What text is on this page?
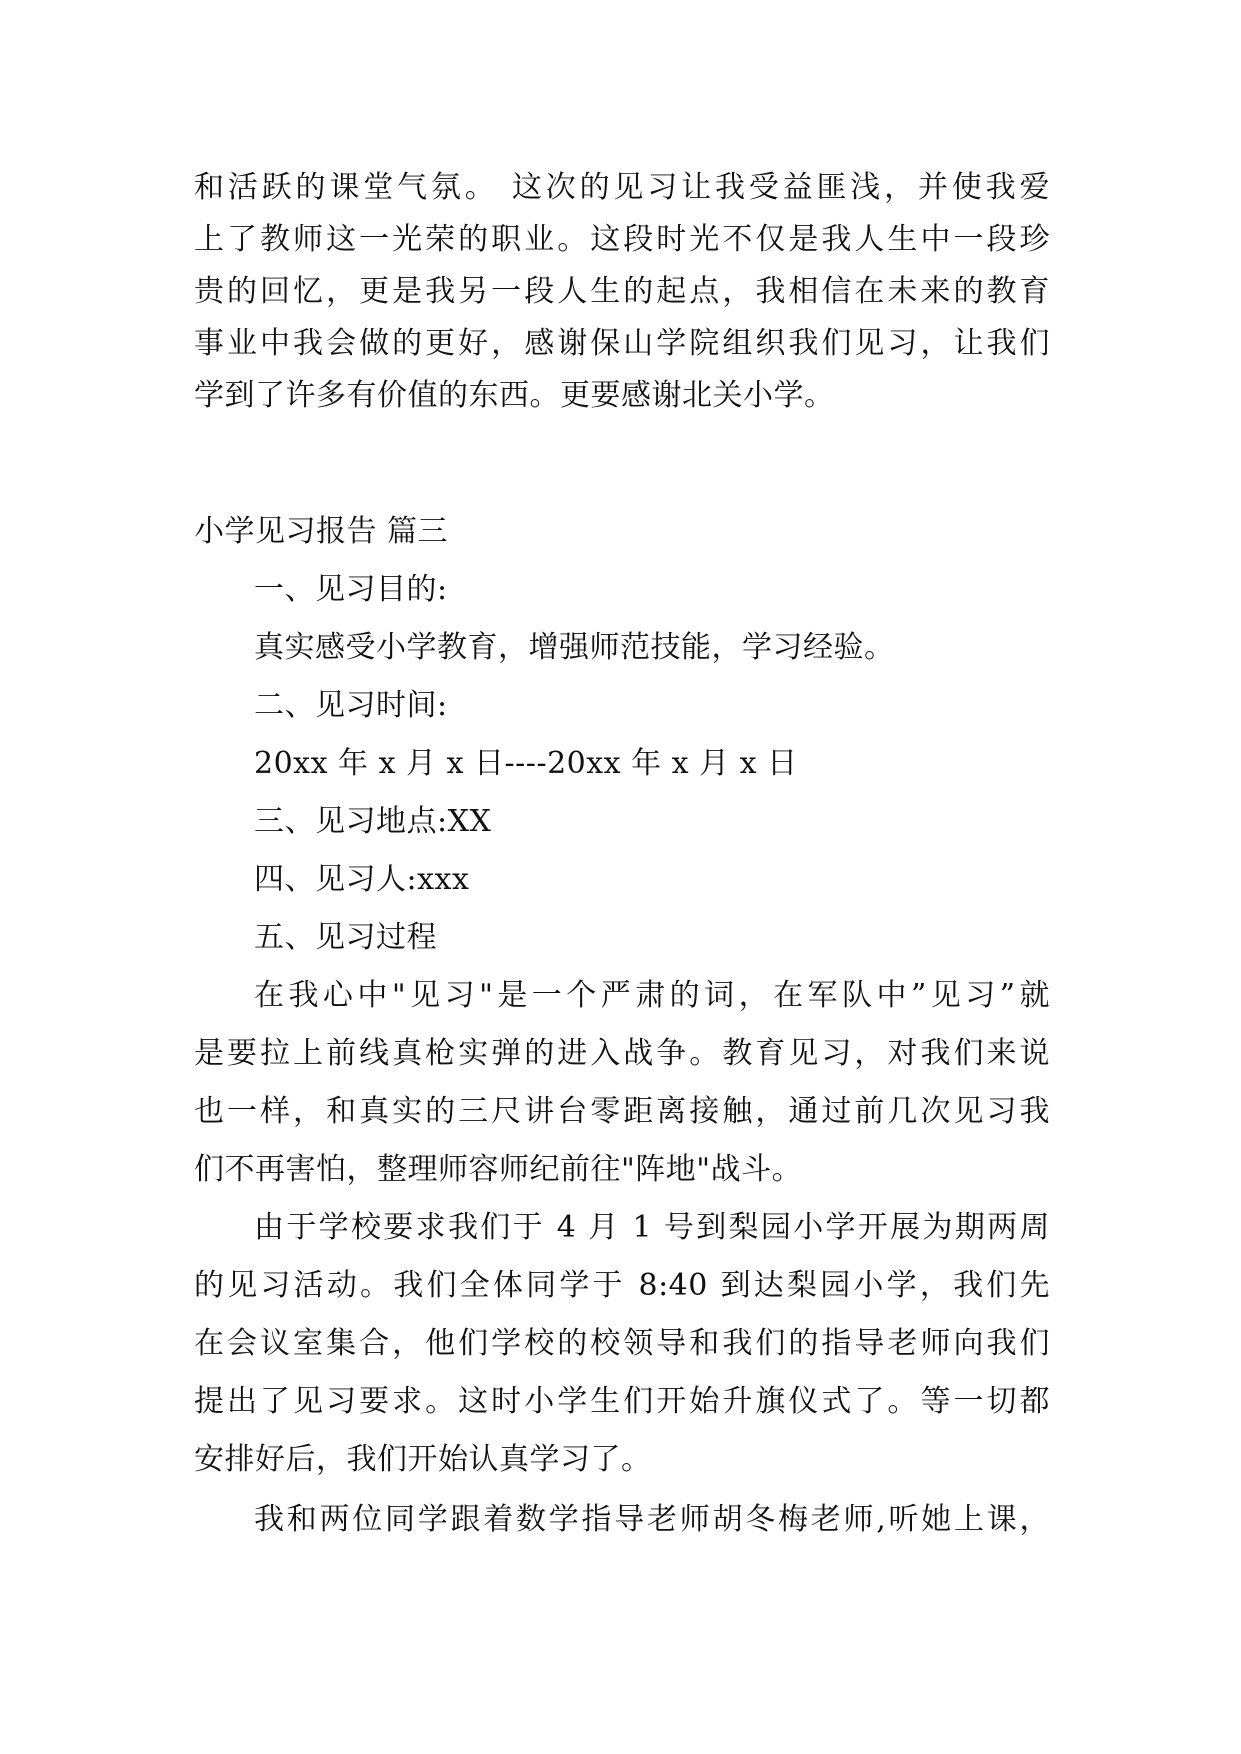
和活跃的课堂气氛。 这次的见习让我受益匪浅，并使我爱
上了教师这一光荣的职业。这段时光不仅是我人生中一段珍
贵的回忆，更是我另一段人生的起点，我相信在未来的教育
事业中我会做的更好，感谢保山学院组织我们见习，让我们
学到了许多有价值的东西。更要感谢北关小学。
小学见习报告 篇三
一、见习目的:
真实感受小学教育，增强师范技能，学习经验。
二、见习时间:
20xx 年 x 月 x 日----20xx 年 x 月 x 日
三、见习地点:XX
四、见习人:xxx
五、见习过程
在我心中"见习"是一个严肃的词，在军队中”见习”就
是要拉上前线真枪实弹的进入战争。教育见习，对我们来说
也一样，和真实的三尺讲台零距离接触，通过前几次见习我
们不再害怕，整理师容师纪前往"阵地"战斗。
由于学校要求我们于 4 月 1 号到梨园小学开展为期两周
的见习活动。我们全体同学于 8:40 到达梨园小学，我们先
在会议室集合，他们学校的校领导和我们的指导老师向我们
提出了见习要求。这时小学生们开始升旗仪式了。等一切都
安排好后，我们开始认真学习了。
我和两位同学跟着数学指导老师胡冬梅老师,听她上课，
